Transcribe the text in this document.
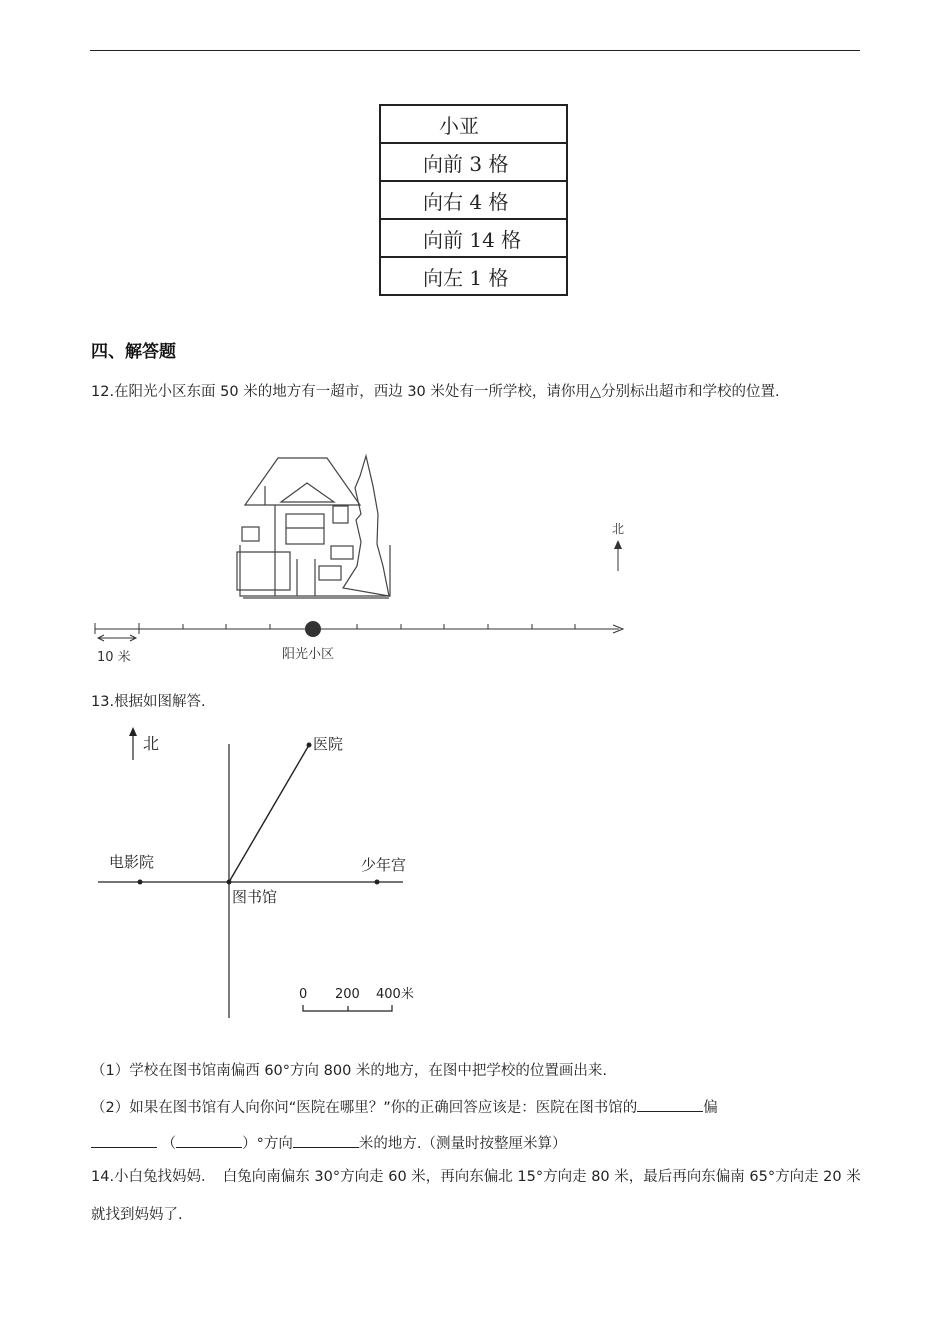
小亚
向前 3 格
向右 4 格
向前 14 格
向左 1 格
四、解答题
12.在阳光小区东面 50 米的地方有一超市，西边 30 米处有一所学校，请你用△分别标出超市和学校的位置.
北
10 米	阳光小区
13.根据如图解答.
北	医院
电影院	少年宫
图书馆
0 200 400米
（1）学校在图书馆南偏西 60°方向 800 米的地方，在图中把学校的位置画出来.
（2）如果在图书馆有人向你问“医院在哪里？”你的正确回答应该是：医院在图书馆的	偏
（	）°方向	米的地方.（测量时按整厘米算）
14.小白兔找妈妈．　白兔向南偏东 30°方向走 60 米，再向东偏北 15°方向走 80 米，最后再向东偏南 65°方向走 20 米就找到妈妈了.
